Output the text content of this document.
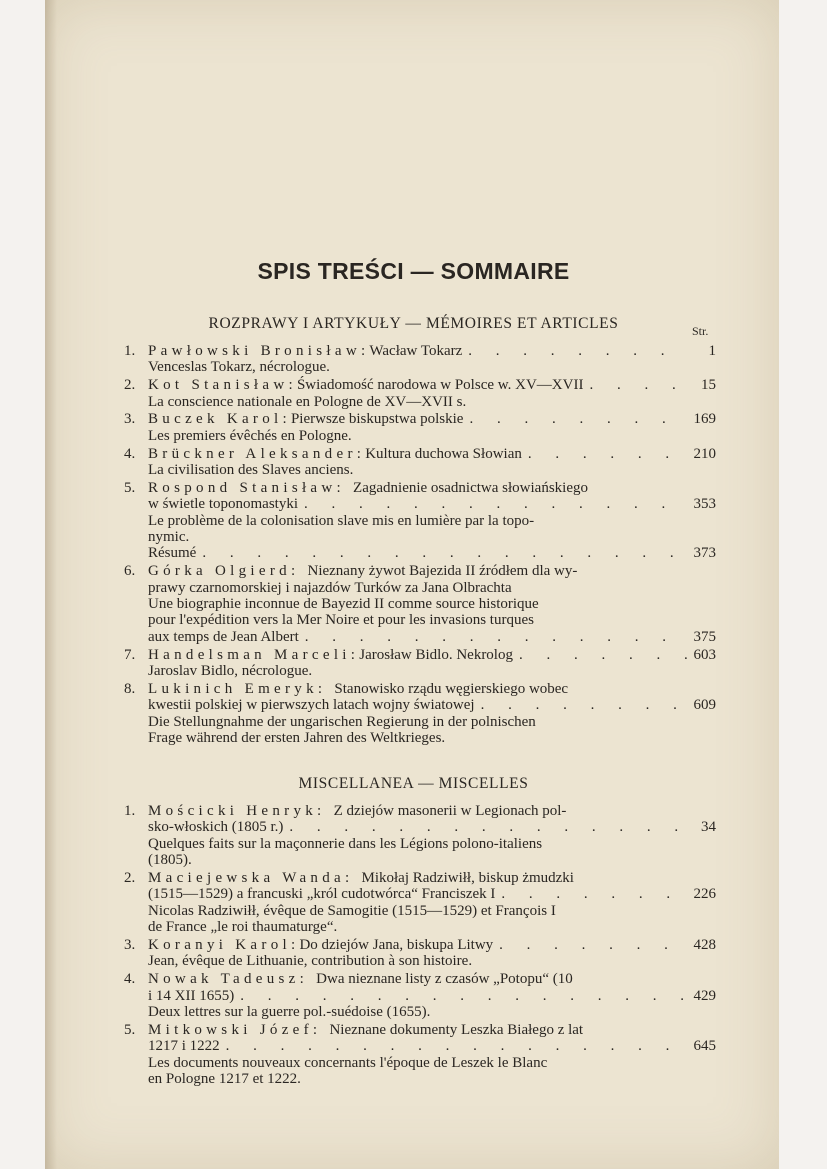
SPIS TREŚCI — SOMMAIRE
ROZPRAWY I ARTYKUŁY — MÉMOIRES ET ARTICLES	Str.
1. Pawłowski Bronisław: Wacław Tokarz . . .	1
Venceslas Tokarz, nécrologue.
2. Kot Stanisław: Świadomość narodowa w Polsce w. XV—XVII . . .	15
La conscience nationale en Pologne de XV—XVII s.
3. Buczek Karol: Pierwsze biskupstwa polskie . . .	169
Les premiers évêchés en Pologne.
4. Brückner Aleksander: Kultura duchowa Słowian . . .	210
La civilisation des Slaves anciens.
5. Rospond Stanisław: Zagadnienie osadnictwa słowiańskiego
w świetle toponomastyki . . .	353
Le problème de la colonisation slave mis en lumière par la topo-
nymic.
Résumé . . .	373
6. Górka Olgierd: Nieznany żywot Bajezida II źródłem dla wy-
prawy czarnomorskiej i najazdów Turków za Jana Olbrachta
Une biographie inconnue de Bayezid II comme source historique
pour l'expédition vers la Mer Noire et pour les invasions turques
aux temps de Jean Albert . . .	375
7. Handelsman Marceli: Jarosław Bidlo. Nekrolog . . .	603
Jaroslav Bidlo, nécrologue.
8. Lukinich Emeryk: Stanowisko rządu węgierskiego wobec
kwestii polskiej w pierwszych latach wojny światowej . . .	609
Die Stellungnahme der ungarischen Regierung in der polnischen
Frage während der ersten Jahren des Weltkrieges.
MISCELLANEA — MISCELLES
1. Mościcki Henryk: Z dziejów masonerii w Legionach pol-
sko-włoskich (1805 r.) . . .	34
Quelques faits sur la maçonnerie dans les Légions polono-italiens
(1805).
2. Maciejewska Wanda: Mikołaj Radziwiłł, biskup żmudzki
(1515—1529) a francuski „król cudotwórca“ Franciszek I . . .	226
Nicolas Radziwiłł, évêque de Samogitie (1515—1529) et François I
de France „le roi thaumaturge“.
3. Koranyi Karol: Do dziejów Jana, biskupa Litwy . . .	428
Jean, évêque de Lithuanie, contribution à son histoire.
4. Nowak Tadeusz: Dwa nieznane listy z czasów „Potopu“ (10
i 14 XII 1655) . . .	429
Deux lettres sur la guerre pol.-suédoise (1655).
5. Mitkowski Józef: Nieznane dokumenty Leszka Białego z lat
1217 i 1222 . . .	645
Les documents nouveaux concernants l'époque de Leszek le Blanc
en Pologne 1217 et 1222.
